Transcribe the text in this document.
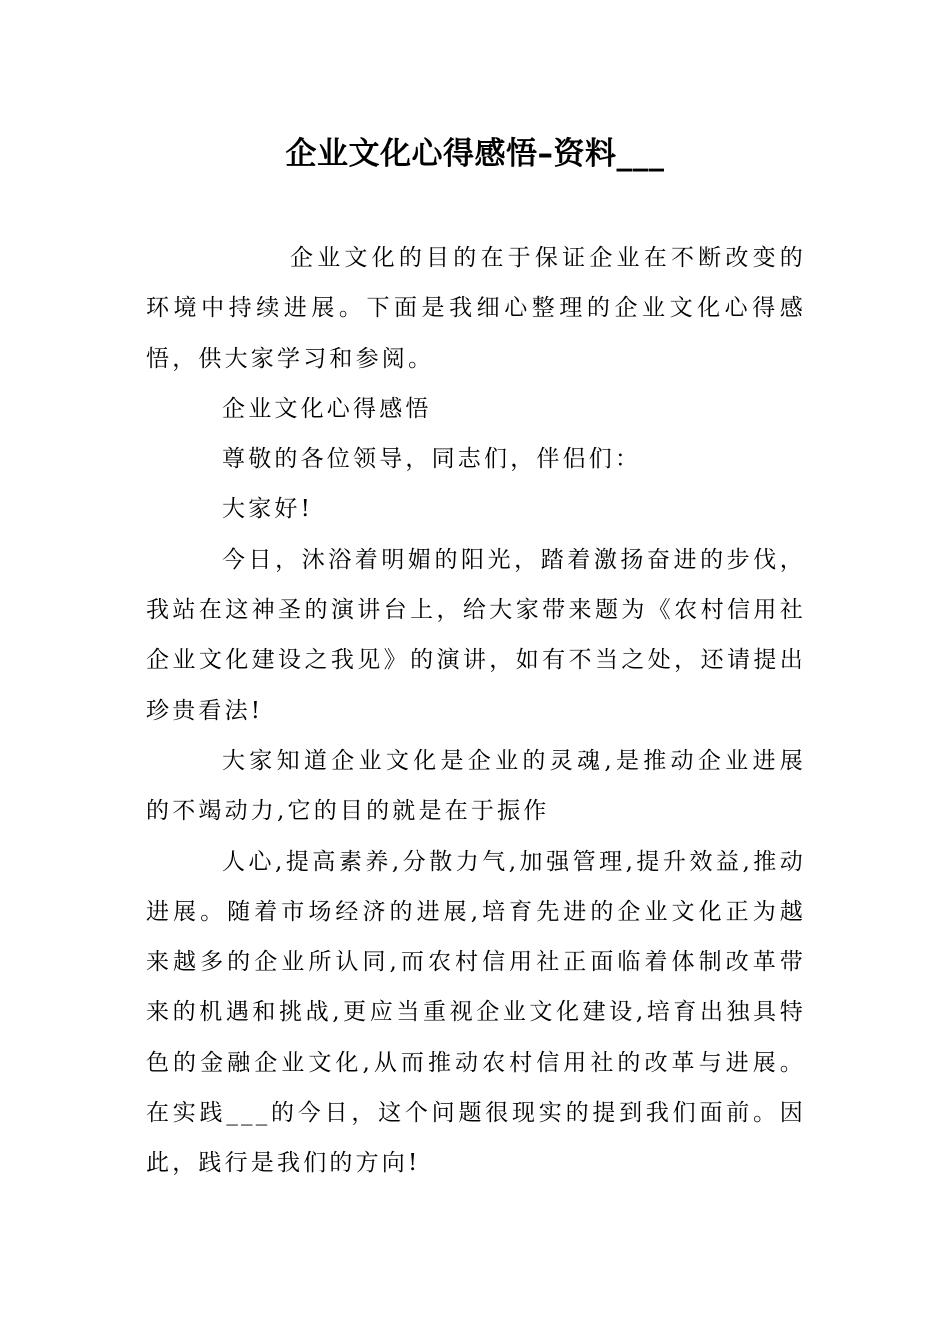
企业文化心得感悟–资料___

企业文化的目的在于保证企业在不断改变的环境中持续进展。下面是我细心整理的企业文化心得感悟，供大家学习和参阅。

企业文化心得感悟

尊敬的各位领导，同志们，伴侣们：

大家好!

今日，沐浴着明媚的阳光，踏着激扬奋进的步伐，我站在这神圣的演讲台上，给大家带来题为《农村信用社企业文化建设之我见》的演讲，如有不当之处，还请提出珍贵看法!

大家知道企业文化是企业的灵魂,是推动企业进展的不竭动力,它的目的就是在于振作

人心,提高素养,分散力气,加强管理,提升效益,推动进展。随着市场经济的进展,培育先进的企业文化正为越来越多的企业所认同,而农村信用社正面临着体制改革带来的机遇和挑战,更应当重视企业文化建设,培育出独具特色的金融企业文化,从而推动农村信用社的改革与进展。在实践___的今日，这个问题很现实的提到我们面前。因此，践行是我们的方向!
